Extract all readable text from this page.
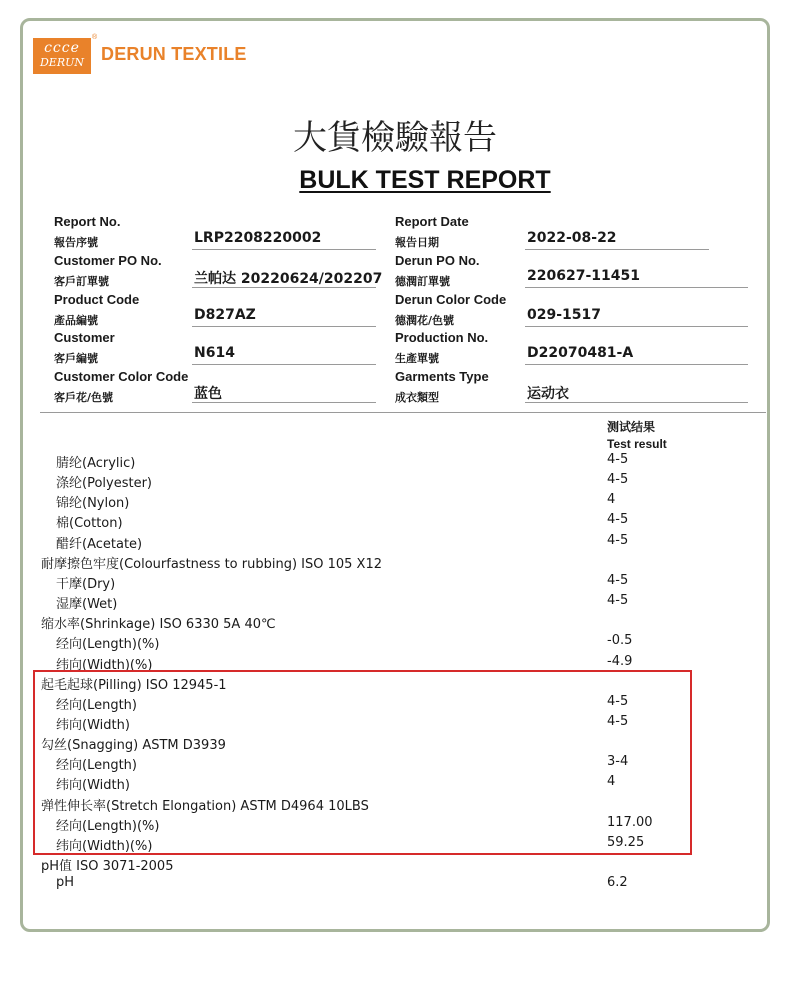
ccce
DERUN
®
DERUN TEXTILE
大貨檢驗報告
BULK TEST REPORT
Report No.
報告序號	LRP2208220002
Customer PO No.
客戶訂單號	兰帕达 20220624/202207
Product Code
產品編號	D827AZ
Customer
客戶編號	N614
Customer Color Code
客戶花/色號	蓝色
Report Date
報告日期	2022-08-22
Derun PO No.
德潤訂單號	220627-11451
Derun Color Code
德潤花/色號	029-1517
Production No.
生產單號	D22070481-A
Garments Type
成衣類型	运动衣
测试结果
Test result
腈纶(Acrylic)	4-5
涤纶(Polyester)	4-5
锦纶(Nylon)	4
棉(Cotton)	4-5
醋纤(Acetate)	4-5
耐摩擦色牢度(Colourfastness to rubbing) ISO 105 X12
干摩(Dry)	4-5
湿摩(Wet)	4-5
缩水率(Shrinkage) ISO 6330 5A 40℃
经向(Length)(%)	-0.5
纬向(Width)(%)	-4.9
起毛起球(Pilling) ISO 12945-1
经向(Length)	4-5
纬向(Width)	4-5
勾丝(Snagging) ASTM D3939
经向(Length)	3-4
纬向(Width)	4
弹性伸长率(Stretch Elongation) ASTM D4964 10LBS
经向(Length)(%)	117.00
纬向(Width)(%)	59.25
pH值 ISO 3071-2005
pH	6.2
